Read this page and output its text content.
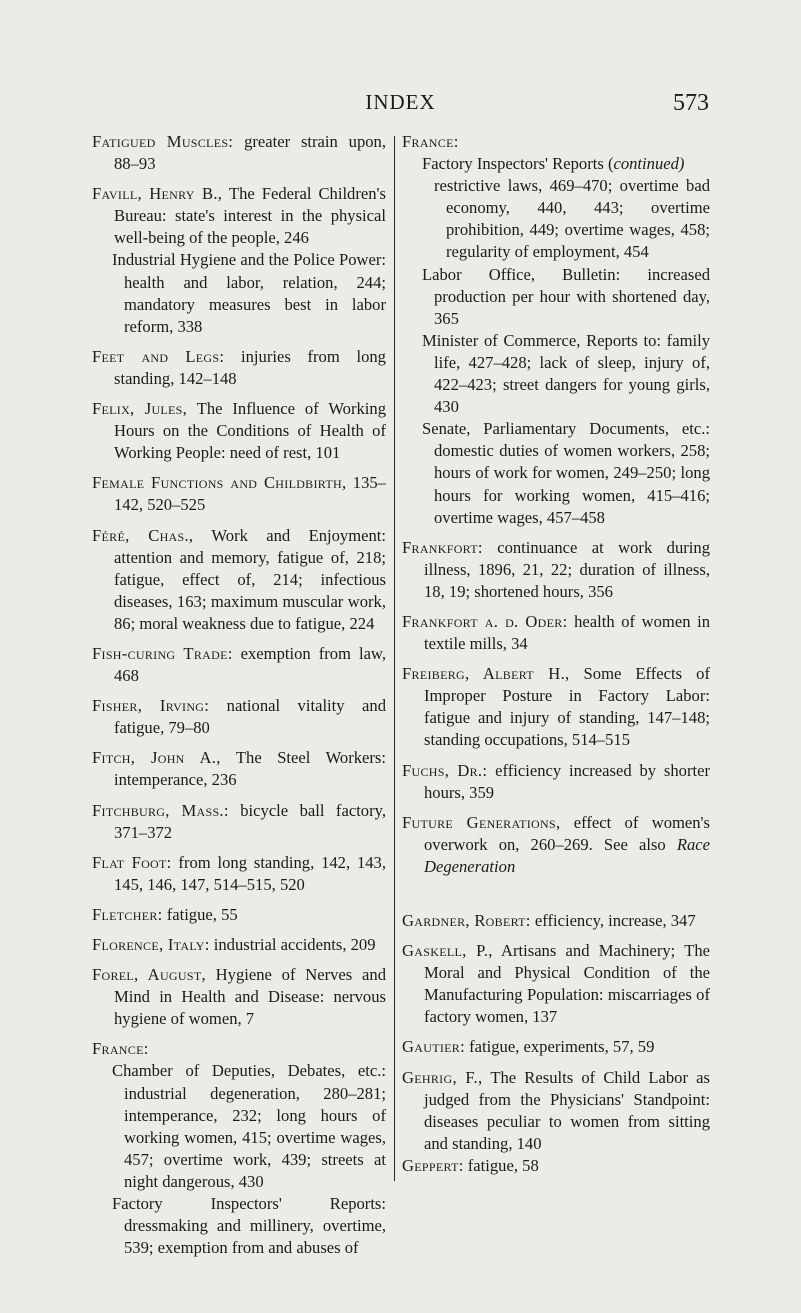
INDEX	573

Fatigued Muscles: greater strain upon, 88–93

Favill, Henry B., The Federal Children's Bureau: state's interest in the physical well-being of the people, 246

Industrial Hygiene and the Police Power: health and labor, relation, 244; mandatory measures best in labor reform, 338

Feet and Legs: injuries from long standing, 142–148

Felix, Jules, The Influence of Working Hours on the Conditions of Health of Working People: need of rest, 101

Female Functions and Childbirth, 135–142, 520–525

Féré, Chas., Work and Enjoyment: attention and memory, fatigue of, 218; fatigue, effect of, 214; infectious diseases, 163; maximum muscular work, 86; moral weakness due to fatigue, 224

Fish-curing Trade: exemption from law, 468

Fisher, Irving: national vitality and fatigue, 79–80

Fitch, John A., The Steel Workers: intemperance, 236

Fitchburg, Mass.: bicycle ball factory, 371–372

Flat Foot: from long standing, 142, 143, 145, 146, 147, 514–515, 520

Fletcher: fatigue, 55

Florence, Italy: industrial accidents, 209

Forel, August, Hygiene of Nerves and Mind in Health and Disease: nervous hygiene of women, 7

France:

Chamber of Deputies, Debates, etc.: industrial degeneration, 280–281; intemperance, 232; long hours of working women, 415; overtime wages, 457; overtime work, 439; streets at night dangerous, 430

Factory Inspectors' Reports: dressmaking and millinery, overtime, 539; exemption from and abuses of

France:

Factory Inspectors' Reports (continued)

restrictive laws, 469–470; overtime bad economy, 440, 443; overtime prohibition, 449; overtime wages, 458; regularity of employment, 454

Labor Office, Bulletin: increased production per hour with shortened day, 365

Minister of Commerce, Reports to: family life, 427–428; lack of sleep, injury of, 422–423; street dangers for young girls, 430

Senate, Parliamentary Documents, etc.: domestic duties of women workers, 258; hours of work for women, 249–250; long hours for working women, 415–416; overtime wages, 457–458

Frankfort: continuance at work during illness, 1896, 21, 22; duration of illness, 18, 19; shortened hours, 356

Frankfort a. d. Oder: health of women in textile mills, 34

Freiberg, Albert H., Some Effects of Improper Posture in Factory Labor: fatigue and injury of standing, 147–148; standing occupations, 514–515

Fuchs, Dr.: efficiency increased by shorter hours, 359

Future Generations, effect of women's overwork on, 260–269. See also Race Degeneration

Gardner, Robert: efficiency, increase, 347

Gaskell, P., Artisans and Machinery; The Moral and Physical Condition of the Manufacturing Population: miscarriages of factory women, 137

Gautier: fatigue, experiments, 57, 59

Gehrig, F., The Results of Child Labor as judged from the Physicians' Standpoint: diseases peculiar to women from sitting and standing, 140

Geppert: fatigue, 58
